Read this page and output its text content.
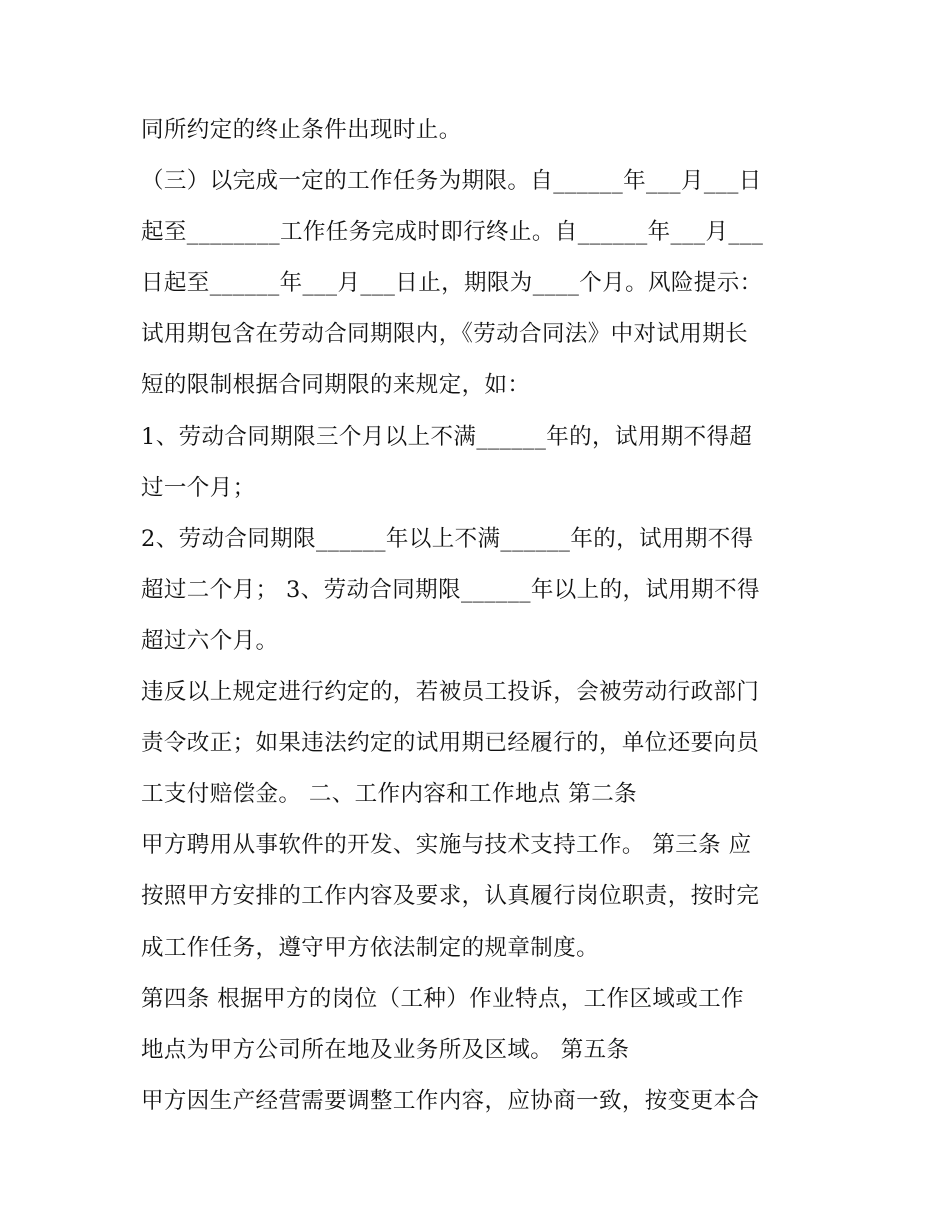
同所约定的终止条件出现时止。
（三）以完成一定的工作任务为期限。自______年___月___日
起至________工作任务完成时即行终止。自______年___月___
日起至______年___月___日止，期限为____个月。风险提示：
试用期包含在劳动合同期限内，《劳动合同法》中对试用期长
短的限制根据合同期限的来规定，如：
1、劳动合同期限三个月以上不满______年的，试用期不得超
过一个月；
2、劳动合同期限______年以上不满______年的，试用期不得
超过二个月； 3、劳动合同期限______年以上的，试用期不得
超过六个月。
违反以上规定进行约定的，若被员工投诉，会被劳动行政部门
责令改正；如果违法约定的试用期已经履行的，单位还要向员
工支付赔偿金。 二、工作内容和工作地点 第二条
甲方聘用从事软件的开发、实施与技术支持工作。 第三条 应
按照甲方安排的工作内容及要求，认真履行岗位职责，按时完
成工作任务，遵守甲方依法制定的规章制度。
第四条 根据甲方的岗位（工种）作业特点，工作区域或工作
地点为甲方公司所在地及业务所及区域。 第五条
甲方因生产经营需要调整工作内容，应协商一致，按变更本合
